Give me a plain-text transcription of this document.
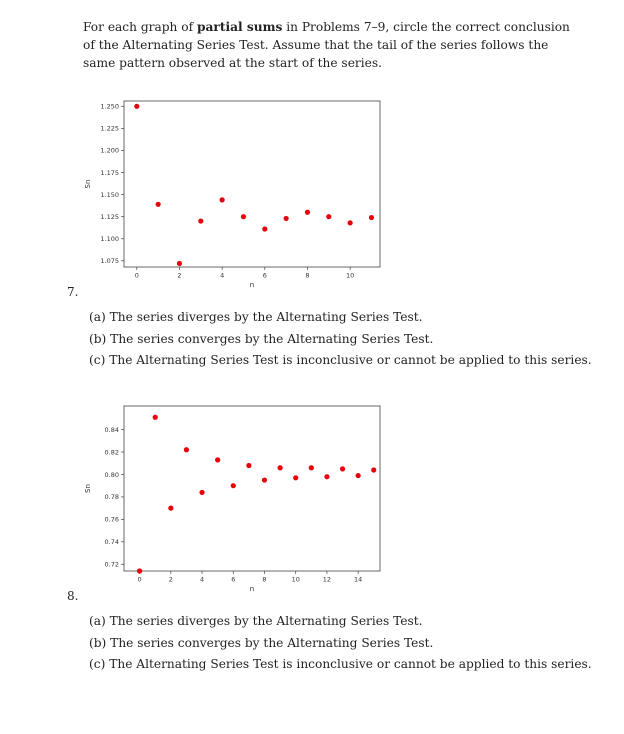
For each graph of partial sums in Problems 7–9, circle the correct conclusion of the Alternating Series Test. Assume that the tail of the series follows the same pattern observed at the start of the series.
1.075
1.100
1.125
1.150
1.175
1.200
1.225
1.250
0	2	4	6	8	10
n
Sn
0.72
0.74
0.76
0.78
0.80
0.82
0.84
0	2	4	6	8	10	12	14
n
Sn
7.
(a) The series diverges by the Alternating Series Test.
(b) The series converges by the Alternating Series Test.
(c) The Alternating Series Test is inconclusive or cannot be applied to this series.
8.
(a) The series diverges by the Alternating Series Test.
(b) The series converges by the Alternating Series Test.
(c) The Alternating Series Test is inconclusive or cannot be applied to this series.
